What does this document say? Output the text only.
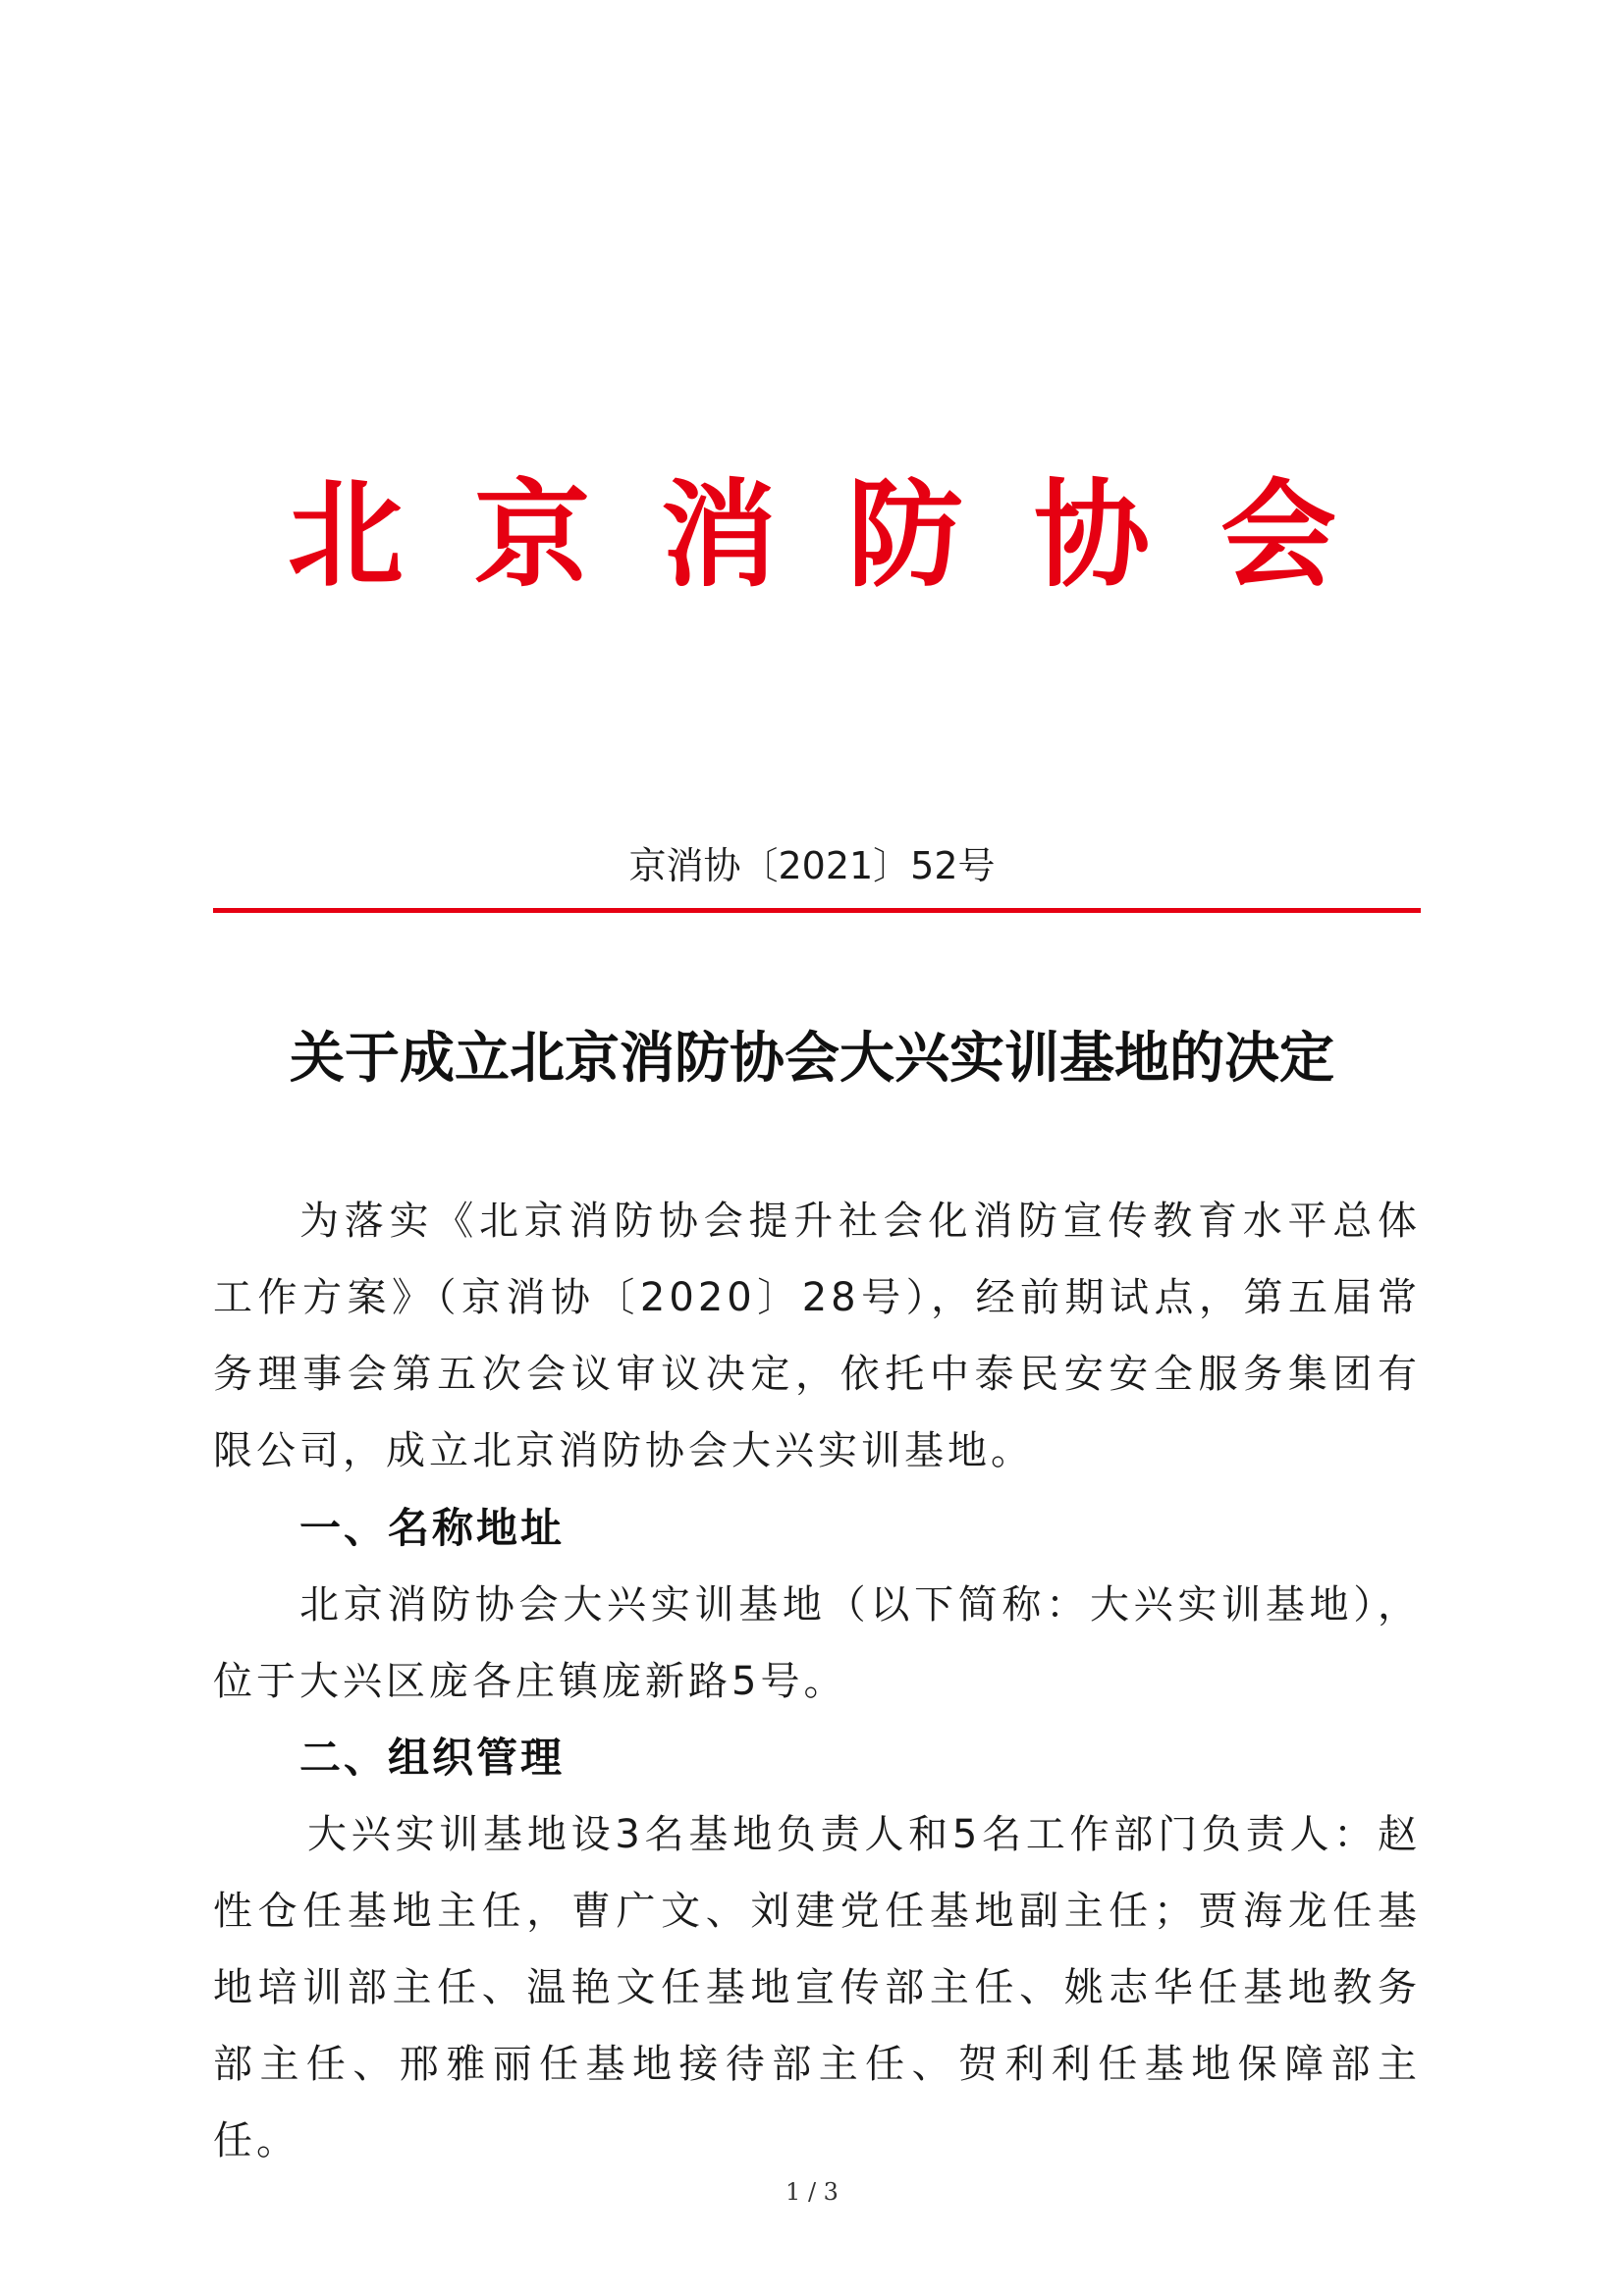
北京消防协会
京消协〔2021〕52号
关于成立北京消防协会大兴实训基地的决定
为落实《北京消防协会提升社会化消防宣传教育水平总体工作方案》（京消协〔2020〕28号），经前期试点，第五届常务理事会第五次会议审议决定，依托中泰民安安全服务集团有限公司，成立北京消防协会大兴实训基地。
一、名称地址
北京消防协会大兴实训基地（以下简称：大兴实训基地），位于大兴区庞各庄镇庞新路5号。
二、组织管理
大兴实训基地设3名基地负责人和5名工作部门负责人：赵性仓任基地主任，曹广文、刘建党任基地副主任；贾海龙任基地培训部主任、温艳文任基地宣传部主任、姚志华任基地教务部主任、邢雅丽任基地接待部主任、贺利利任基地保障部主任。
1 / 3
